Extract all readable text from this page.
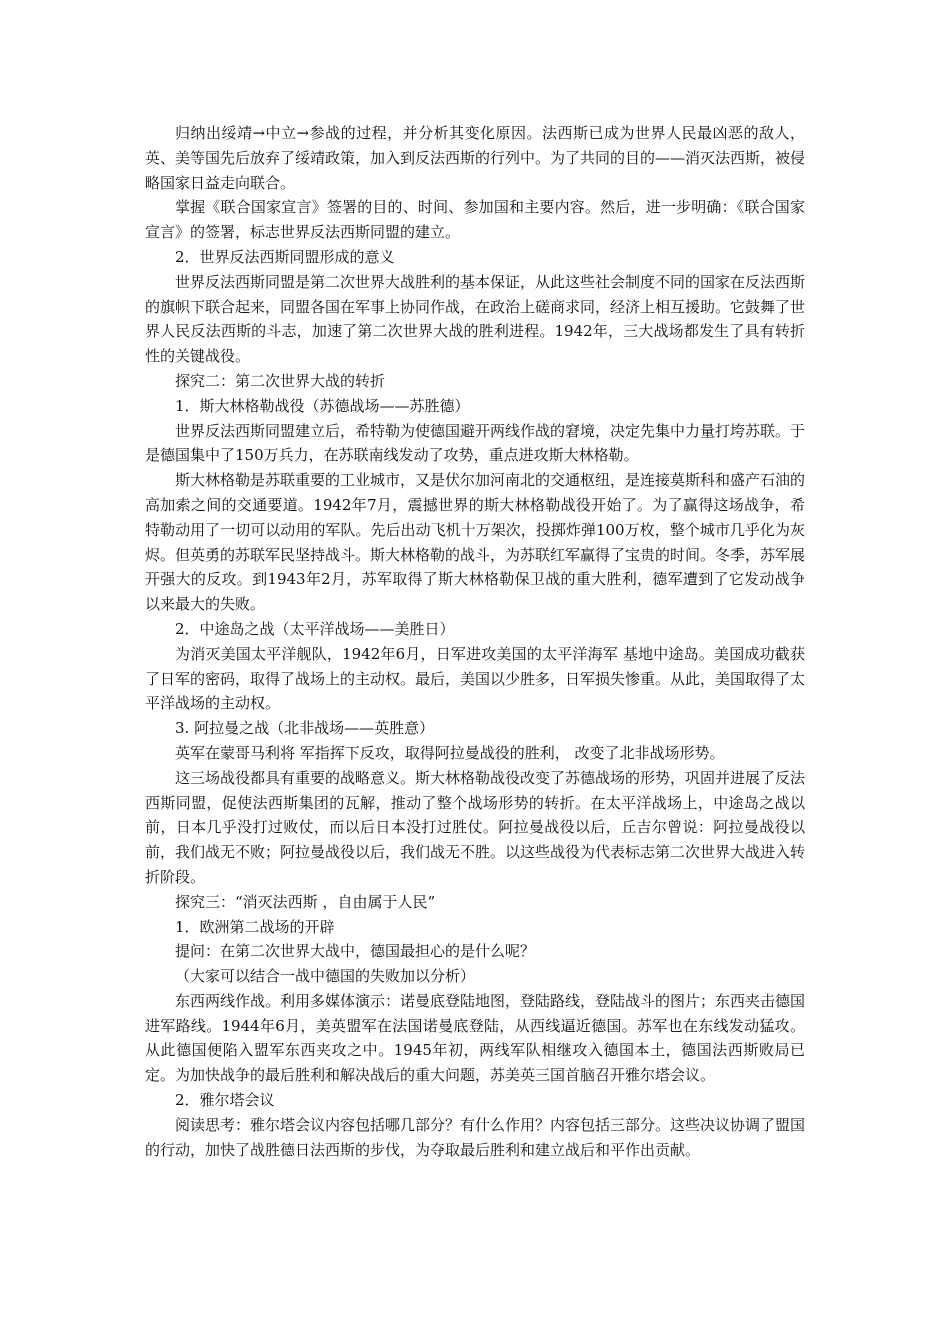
归纳出绥靖→中立→参战的过程，并分析其变化原因。法西斯已成为世界人民最凶恶的敌人，英、美等国先后放弃了绥靖政策，加入到反法西斯的行列中。为了共同的目的——消灭法西斯，被侵略国家日益走向联合。

掌握《联合国家宣言》签署的目的、时间、参加国和主要内容。然后，进一步明确：《联合国家宣言》的签署，标志世界反法西斯同盟的建立。

2．世界反法西斯同盟形成的意义

世界反法西斯同盟是第二次世界大战胜利的基本保证，从此这些社会制度不同的国家在反法西斯的旗帜下联合起来，同盟各国在军事上协同作战，在政治上磋商求同，经济上相互援助。它鼓舞了世界人民反法西斯的斗志，加速了第二次世界大战的胜利进程。1942年，三大战场都发生了具有转折性的关键战役。

探究二：第二次世界大战的转折

1．斯大林格勒战役（苏德战场——苏胜德）

世界反法西斯同盟建立后，希特勒为使德国避开两线作战的窘境，决定先集中力量打垮苏联。于是德国集中了150万兵力，在苏联南线发动了攻势，重点进攻斯大林格勒。

斯大林格勒是苏联重要的工业城市，又是伏尔加河南北的交通枢纽，是连接莫斯科和盛产石油的高加索之间的交通要道。1942年7月，震撼世界的斯大林格勒战役开始了。为了赢得这场战争，希特勒动用了一切可以动用的军队。先后出动飞机十万架次，投掷炸弹100万枚，整个城市几乎化为灰烬。但英勇的苏联军民坚持战斗。斯大林格勒的战斗，为苏联红军赢得了宝贵的时间。冬季，苏军展开强大的反攻。到1943年2月，苏军取得了斯大林格勒保卫战的重大胜利，德军遭到了它发动战争以来最大的失败。

2．中途岛之战（太平洋战场——美胜日）

为消灭美国太平洋舰队，1942年6月，日军进攻美国的太平洋海军 基地中途岛。美国成功截获了日军的密码，取得了战场上的主动权。最后，美国以少胜多，日军损失惨重。从此，美国取得了太平洋战场的主动权。

3. 阿拉曼之战（北非战场——英胜意）

英军在蒙哥马利将 军指挥下反攻，取得阿拉曼战役的胜利， 改变了北非战场形势。

这三场战役都具有重要的战略意义。斯大林格勒战役改变了苏德战场的形势，巩固并进展了反法西斯同盟，促使法西斯集团的瓦解，推动了整个战场形势的转折。在太平洋战场上，中途岛之战以前，日本几乎没打过败仗，而以后日本没打过胜仗。阿拉曼战役以后，丘吉尔曾说：阿拉曼战役以前，我们战无不败；阿拉曼战役以后，我们战无不胜。以这些战役为代表标志第二次世界大战进入转折阶段。

探究三：“消灭法西斯 ，自由属于人民”

1．欧洲第二战场的开辟

提问：在第二次世界大战中，德国最担心的是什么呢？

（大家可以结合一战中德国的失败加以分析）

东西两线作战。利用多媒体演示：诺曼底登陆地图，登陆路线，登陆战斗的图片；东西夹击德国进军路线。1944年6月，美英盟军在法国诺曼底登陆，从西线逼近德国。苏军也在东线发动猛攻。从此德国便陷入盟军东西夹攻之中。1945年初，两线军队相继攻入德国本土，德国法西斯败局已定。为加快战争的最后胜利和解决战后的重大问题，苏美英三国首脑召开雅尔塔会议。

2．雅尔塔会议

阅读思考：雅尔塔会议内容包括哪几部分？有什么作用？内容包括三部分。这些决议协调了盟国的行动，加快了战胜德日法西斯的步伐，为夺取最后胜利和建立战后和平作出贡献。
